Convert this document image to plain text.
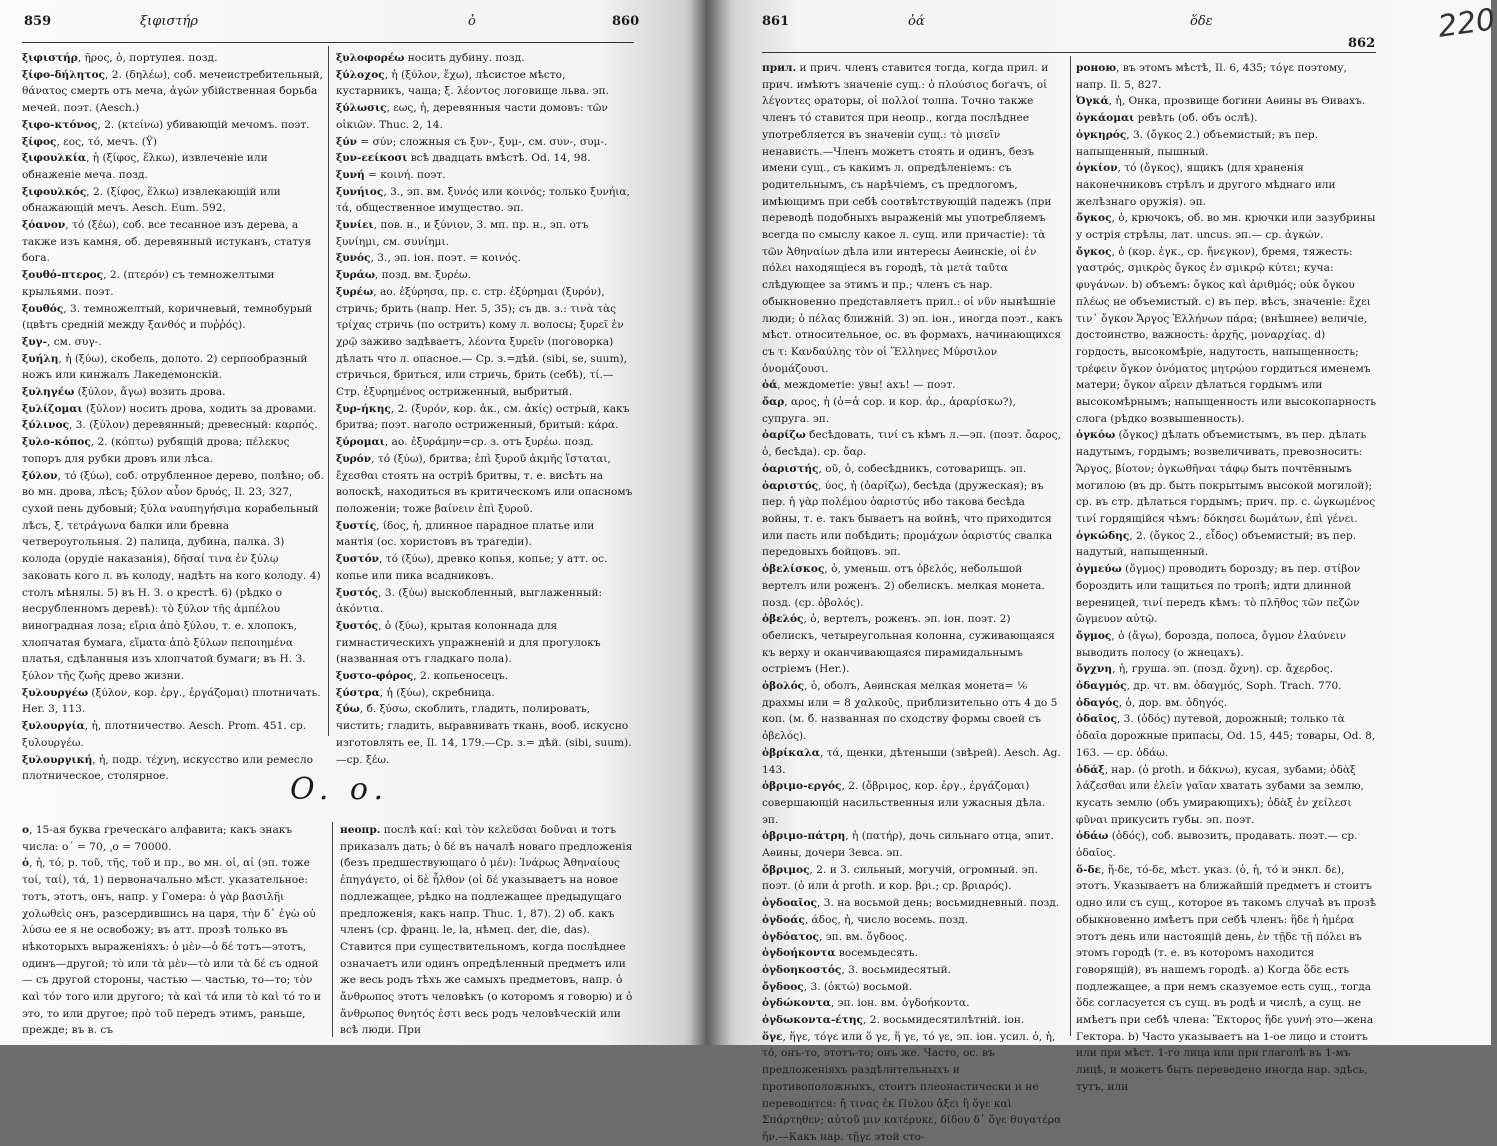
859	ξιφιστήρ	ὁ	860	861	ὀά	ὅδε
862 220

ξιφιστήρ, ῆρος, ὁ, портупея. позд.

ξίφο-δήλητος, 2. (δηλέω), соб. мечеистребительный, θάνατος смерть отъ меча, ἀγών убійственная борьба мечей. поэт. (Aesch.)

ξιφο-κτόνος, 2. (κτείνω) убивающій мечомъ. поэт.

ξίφος, εος, τό, мечъ. (Ϋ)

ξιφουλκία, ἡ (ξίφος, ἕλκω), извлеченіе или обнаженіе меча. позд.

ξιφουλκός, 2. (ξίφος, ἕλκω) извлекающій или обнажающій мечъ. Aesch. Eum. 592.

ξόανον, τό (ξέω), соб. все тесанное изъ дерева, а также изъ камня, об. деревянный истуканъ, статуя бога.

ξουθό-πτερος, 2. (πτερόν) съ темножелтыми крыльями. поэт.

ξουθός, 3. темножелтый, коричневый, темнобурый (цвѣтъ средній между ξανθός и πυῤῥός).

ξυγ-, см. συγ-.

ξυήλη, ἡ (ξύω), скобель, долото. 2) серпообразный ножъ или кинжалъ Лакедемонскій.

ξυληγέω (ξύλον, ἄγω) возить дрова.

ξυλίζομαι (ξύλον) носить дрова, ходить за дровами.

ξύλινος, 3. (ξύλον) деревянный; древесный: καρπός.

ξυλο-κόπος, 2. (κόπτω) рубящій дрова; πέλεκυς топоръ для рубки дровъ или лѣса.

ξύλον, τό (ξύω), соб. отрубленное дерево, полѣно; об. во мн. дрова, лѣсъ; ξύλον αὖον δρυός, Il. 23, 327, сухой пень дубовый; ξύλα ναυπηγήσιμα корабельный лѣсъ, ξ. τετράγωνα балки или бревна четвероугольныя. 2) палица, дубина, палка. 3) колода (орудіе наказанія), δῆσαί τινα ἐν ξύλῳ заковать кого л. въ колоду, надѣть на кого колоду. 4) столъ мѣнялы. 5) въ Н. З. о крестѣ. 6) (рѣдко о несрубленномъ деревѣ): τὸ ξύλον τῆς ἀμπέλου виноградная лоза; εἴρια ἀπὸ ξύλου, т. е. хлопокъ, хлопчатая бумага, εἵματα ἀπὸ ξύλων πεποιημένα платья, сдѣланныя изъ хлопчатой бумаги; въ Н. З. ξύλον τῆς ζωῆς древо жизни.

ξυλουργέω (ξύλον, кор. ἐργ., ἐργάζομαι) плотничать. Her. 3, 113.

ξυλουργία, ἡ, плотничество. Aesch. Prom. 451. ср. ξυλουργέω.

ξυλουργική, ἡ, подр. τέχνη, искусство или ремесло плотническое, столярное.

ξυλοφορέω носить дубину. позд.

ξύλοχος, ἡ (ξύλον, ἔχω), лѣсистое мѣсто, кустарникъ, чаща; ξ. λέοντος логовище льва. эп.

ξύλωσις, εως, ἡ, деревянныя части домовъ: τῶν οἰκιῶν. Thuc. 2, 14.

ξύν = σύν; сложныя съ ξυν-, ξυμ-, см. συν-, συμ-.

ξυν-εείκοσι всѣ двадцать вмѣстѣ. Od. 14, 98.

ξυνή = κοινή. поэт.

ξυνήιος, 3., эп. вм. ξυνός или κοινός; только ξυνήια, τά, общественное имущество. эп.

ξυνίει, пов. н., и ξύνιον, 3. мп. пр. н., эп. отъ ξυνίημι, см. συνίημι.

ξυνός, 3., эп. іон. поэт. = κοινός.

ξυράω, позд. вм. ξυρέω.

ξυρέω, ао. ἐξύρησα, пр. с. стр. ἐξύρημαι (ξυρόν), стричь; брить (напр. Her. 5, 35); съ дв. з.: τινὰ τὰς τρίχας стричь (по острить) кому л. волосы; ξυρεῖ ἐν χρῷ заживо задѣваетъ, λέοντα ξυρεῖν (поговорка) дѣлать что л. опасное.— Ср. з.=дѣй. (sibi, se, suum), стричься, бриться, или стричь, брить (себѣ), τί.—Стр. ἐξυρημένος остриженный, выбритый.

ξυρ-ήκης, 2. (ξυρόν, кор. ἀκ., см. ἀκίς) острый, какъ бритва; поэт. наголо остриженный, бритый: κάρα.

ξύρομαι, ао. ἐξυράμην=ср. з. отъ ξυρέω. позд.

ξυρόν, τό (ξύω), бритва; ἐπὶ ξυροῦ ἀκμῆς ἵσταται, ἔχεσθαι стоять на острiѣ бритвы, т. е. висѣть на волоскѣ, находиться въ критическомъ или опасномъ положеніи; тоже βαίνειν ἐπὶ ξυροῦ.

ξυστίς, ίδος, ἡ, длинное парадное платье или мантія (ос. хористовъ въ трагедіи).

ξυστόν, τό (ξύω), древко копья, копье; у атт. ос. копье или пика всадниковъ.

ξυστός, 3. (ξύω) выскобленный, выглаженный: ἀκόντια.

ξυστός, ὁ (ξύω), крытая колоннада для гимнастическихъ упражненій и для прогулокъ (названная отъ гладкаго пола).

ξυστο-φόρος, 2. копьеносецъ.

ξύστρα, ἡ (ξύω), скребница.

ξύω, б. ξύσω, скоблить, гладить, полировать, чистить; гладить, выравнивать ткань, вооб. искусно изготовлять ее, Il. 14, 179.—Ср. з.= дѣй. (sibi, suum).—ср. ξέω.

O. o.

ο, 15-ая буква греческаго алфавита; какъ знакъ числа: ο´ = 70, ͵ο = 70000.

ὁ, ἡ, τό, р. τοῦ, τῆς, τοῦ и пр., во мн. οἱ, αἱ (эп. тоже τοί, ταί), τά, 1) первоначально мѣст. указательное: тотъ, этотъ, онъ, напр. у Гомера: ὁ γὰρ βασιλῆι χολωθεὶς онъ, разсердившись на царя, τὴν δ᾽ ἐγὼ οὐ λύσω ее я не освобожу; въ атт. прозѣ только въ нѣкоторыхъ выраженіяхъ: ὁ μὲν—ὁ δέ тотъ—этотъ, одинъ—другой; τὸ или τὰ μὲν—τὸ или τὰ δέ съ одной — съ другой стороны, частью — частью, то—то; τὸν καὶ τόν того или другого; τὰ καὶ τά или τὸ καὶ τό то и это, то или другое; πρὸ τοῦ передъ этимъ, раньше, прежде; въ в. съ

неопр. послѣ καί: καὶ τὸν κελεῦσαι δοῦναι и тотъ приказалъ дать; ὁ δέ въ началѣ новаго предложенія (безъ предшествующаго ὁ μέν): Ἰνάρως Ἀθηναίους ἐπηγάγετο, οἱ δὲ ἦλθον (οἱ δέ указываетъ на новое подлежащее, рѣдко на подлежащее предыдущаго предложенія, какъ напр. Thuc. 1, 87). 2) об. какъ членъ (ср. франц. le, la, нѣмец. der, die, das). Ставится при существительномъ, когда послѣднее означаетъ или одинъ опредѣленный предметъ или же весь родъ тѣхъ же самыхъ предметовъ, напр. ὁ ἄνθρωπος этотъ человѣкъ (о которомъ я говорю) и ὁ ἄνθρωπος θνητός ἐστι весь родъ человѣческій или всѣ люди. При

прил. и прич. членъ ставится тогда, когда прил. и прич. имѣютъ значеніе сущ.: ὁ πλούσιος богачъ, οἱ λέγοντες ораторы, οἱ πολλοί толпа. Точно также членъ τό ставится при неопр., когда послѣднее употребляется въ значеніи сущ.: τὸ μισεῖν ненависть.—Членъ можетъ стоять и одинъ, безъ имени сущ., съ какимъ л. опредѣленіемъ: съ родительнымъ, съ нарѣчіемъ, съ предлогомъ, имѣющимъ при себѣ соотвѣтствующій падежъ (при переводѣ подобныхъ выраженій мы употребляемъ всегда по смыслу какое л. сущ. или причастіе): τὰ τῶν Ἀθηναίων дѣла или интересы Аѳинскіе, οἱ ἐν πόλει находящіеся въ городѣ, τὰ μετὰ ταῦτα слѣдующее за этимъ и пр.; членъ съ нар. обыкновенно представляетъ прил.: οἱ νῦν нынѣшніе люди; ὁ πέλας ближній. 3) эп. іон., иногда поэт., какъ мѣст. относительное, ос. въ формахъ, начинающихся съ τ: Κανδαύλης τὸν οἱ Ἕλληνες Μύρσιλον ὀνομάζουσι.

ὀά, междометіе: увы! ахъ! — поэт.

ὄαρ, αρος, ἡ (ὁ=ἁ сор. и кор. ἀρ., ἀραρίσκω?), супруга. эп.

ὀαρίζω бесѣдовать, τινί съ кѣмъ л.—эп. (поэт. ὄαρος, ὁ, бесѣда). ср. ὄαρ.

ὀαριστής, οῦ, ὁ, собесѣдникъ, сотоварищъ. эп.

ὀαριστύς, ύος, ἡ (ὀαρίζω), бесѣда (дружеская); въ пер. ἡ γὰρ πολέμου ὀαριστύς ибо такова бесѣда войны, т. е. такъ бываетъ на войнѣ, что приходится или пасть или побѣдить; προμάχων ὀαριστύς свалка передовыхъ бойцовъ. эп.

ὀβελίσκος, ὁ, уменьш. отъ ὀβελός, небольшой вертелъ или роженъ. 2) обелискъ. мелкая монета. позд. (ср. ὀβολός).

ὀβελός, ὁ, вертелъ, роженъ. эп. іон. поэт. 2) обелискъ, четыреугольная колонна, суживающаяся къ верху и оканчивающаяся пирамидальнымъ остріемъ (Her.).

ὀβολός, ὁ, оболъ, Аѳинская мелкая монета= ⅙ драхмы или = 8 χαλκοῦς, приблизительно отъ 4 до 5 коп. (м. б. названная по сходству формы своей съ ὀβελός).

ὀβρίκαλα, τά, щенки, дѣтеныши (звѣрей). Aesch. Ag. 143.

ὀβριμο-εργός, 2. (ὄβριμος, кор. ἐργ., ἐργάζομαι) совершающій насильственныя или ужасныя дѣла. эп.

ὀβριμο-πάτρη, ἡ (πατήρ), дочь сильнаго отца, эпит. Аѳины, дочери Зевса. эп.

ὄβριμος, 2. и 3. сильный, могучій, огромный. эп. поэт. (ὁ или ἁ proth. и кор. βρι.; ср. βριαρός).

ὀγδοαῖος, 3. на восьмой день; восьмидневный. позд.

ὀγδοάς, άδος, ἡ, число восемь. позд.

ὀγδόατος, эп. вм. ὄγδοος.

ὀγδοήκοντα восемьдесять.

ὀγδοηκοστός, 3. восьмидесятый.

ὄγδοος, 3. (ὀκτώ) восьмой.

ὀγδώκοντα, эп. іон. вм. ὀγδοήκοντα.

ὀγδωκοντα-έτης, 2. восьмидесятилѣтній. іон.

ὅγε, ἥγε, τόγε или ὅ γε, ἥ γε, τό γε, эп. іон. усил. ὁ, ἡ, τό, онъ-то, этотъ-то; онъ же. Часто, ос. въ предложеніяхъ раздѣлительныхъ и противоположныхъ, стоитъ плеонастически и не переводится: ἤ τινας ἐκ Πύλου ἄξει ἢ ὅγε καὶ Σπάρτηθεν; αὐτοῦ μιν κατέρυκε, δίδου δ᾽ ὅγε θυγατέρα ἥν.—Какъ нар. τῇγε этой сто-

роною, въ этомъ мѣстѣ, Il. 6, 435; τόγε поэтому, напр. Il. 5, 827.

Ὀγκά, ἡ, Онка, прозвище богини Аѳины въ Ѳивахъ.

ὀγκάομαι ревѣть (об. объ ослѣ).

ὀγκηρός, 3. (ὄγκος 2.) объемистый; въ пер. напыщенный, пышный.

ὀγκίον, τό (ὄγκος), ящикъ (для храненія наконечниковъ стрѣлъ и другого мѣднаго или желѣзнаго оружія). эп.

ὄγκος, ὁ, крючокъ, об. во мн. крючки или зазубрины у острія стрѣлы, лат. uncus. эп.— ср. ἀγκών.

ὄγκος, ὁ (кор. ἐγκ., ср. ἤνεγκον), бремя, тяжесть: γαστρός, σμικρὸς ὄγκος ἐν σμικρῷ κύτει; куча: φυγάνων. b) объемъ: ὄγκος καὶ ἀριθμός; οὐκ ὄγκου πλέως не объемистый. c) въ пер. вѣсъ, значеніе: ἔχει τιν᾽ ὄγκον Ἄργος Ἑλλήνων πάρα; (внѣшнее) величіе, достоинство, важность: ἀρχῆς, μοναρχίας. d) гордость, высокомѣріе, надутость, напыщенность; τρέφειν ὄγκον ὀνόματος μητρῴου гордиться именемъ матери; ὄγκον αἴρειν дѣлаться гордымъ или высокомѣрнымъ; напыщенность или высокопарность слога (рѣдко возвышенность).

ὀγκόω (ὄγκος) дѣлать объемистымъ, въ пер. дѣлать надутымъ, гордымъ; возвеличивать, превозносить: Ἄργος, βίοτον; ὀγκωθῆναι τάφῳ быть почтённымъ могилою (въ др. быть покрытымъ высокой могилой); ср. въ стр. дѣлаться гордымъ; прич. пр. с. ὠγκωμένος τινί гордящійся чѣмъ: δόκησει δωμάτων, ἐπὶ γένει.

ὀγκώδης, 2. (ὄγκος 2., εἶδος) объемистый; въ пер. надутый, напыщенный.

ὀγμεύω (ὄγμος) проводить борозду; въ пер. στίβον бороздить или тащиться по тропѣ; идти длинной вереницей, τινί передъ кѣмъ: τὸ πλῆθος τῶν πεζῶν ὤγμευον αὐτῷ.

ὄγμος, ὁ (ἄγω), борозда, полоса, ὄγμον ἐλαύνειν выводить полосу (о жнецахъ).

ὄγχνη, ἡ, груша. эп. (позд. ὄχνη). ср. ἄχερδος.

ὀδαγμός, др. чт. вм. ὀδαγμός, Soph. Trach. 770.

ὀδαγός, ὁ, дор. вм. ὁδηγός.

ὁδαῖος, 3. (ὁδός) путевой, дорожный; только τὰ ὁδαῖα дорожные припасы, Od. 15, 445; товары, Od. 8, 163. — ср. ὁδάω.

ὀδάξ, нар. (ὁ proth. и δάκνω), кусая, зубами; ὀδὰξ λάζεσθαι или ἑλεῖν γαῖαν хватать зубами за землю, кусать землю (объ умирающихъ); ὀδὰξ ἐν χείλεσι φῦναι прикусить губы. эп. поэт.

ὁδάω (ὁδός), соб. вывозить, продавать. поэт.— ср. ὁδαῖος.

ὅ-δε, ἥ-δε, τό-δε, мѣст. указ. (ὁ, ἡ, τό и энкл. δε), этотъ. Указываетъ на ближайшій предметъ и стоитъ одно или съ сущ., которое въ такомъ случаѣ въ прозѣ обыкновенно имѣетъ при себѣ членъ: ἥδε ἡ ἡμέρα этотъ день или настоящій день, ἐν τῇδε τῇ πόλει въ этомъ городѣ (т. е. въ которомъ находится говорящій), въ нашемъ городѣ. a) Когда ὅδε есть подлежащее, а при немъ сказуемое есть сущ., тогда ὅδε согласуется съ сущ. въ родѣ и числѣ, а сущ. не имѣетъ при себѣ члена: Ἕκτορος ἥδε γυνή это—жена Гектора. b) Часто указываетъ на 1-ое лицо и стоитъ или при мѣст. 1-го лица или при глаголѣ въ 1-мъ лицѣ, и можетъ быть переведено иногда нар. здѣсь, тутъ, или
